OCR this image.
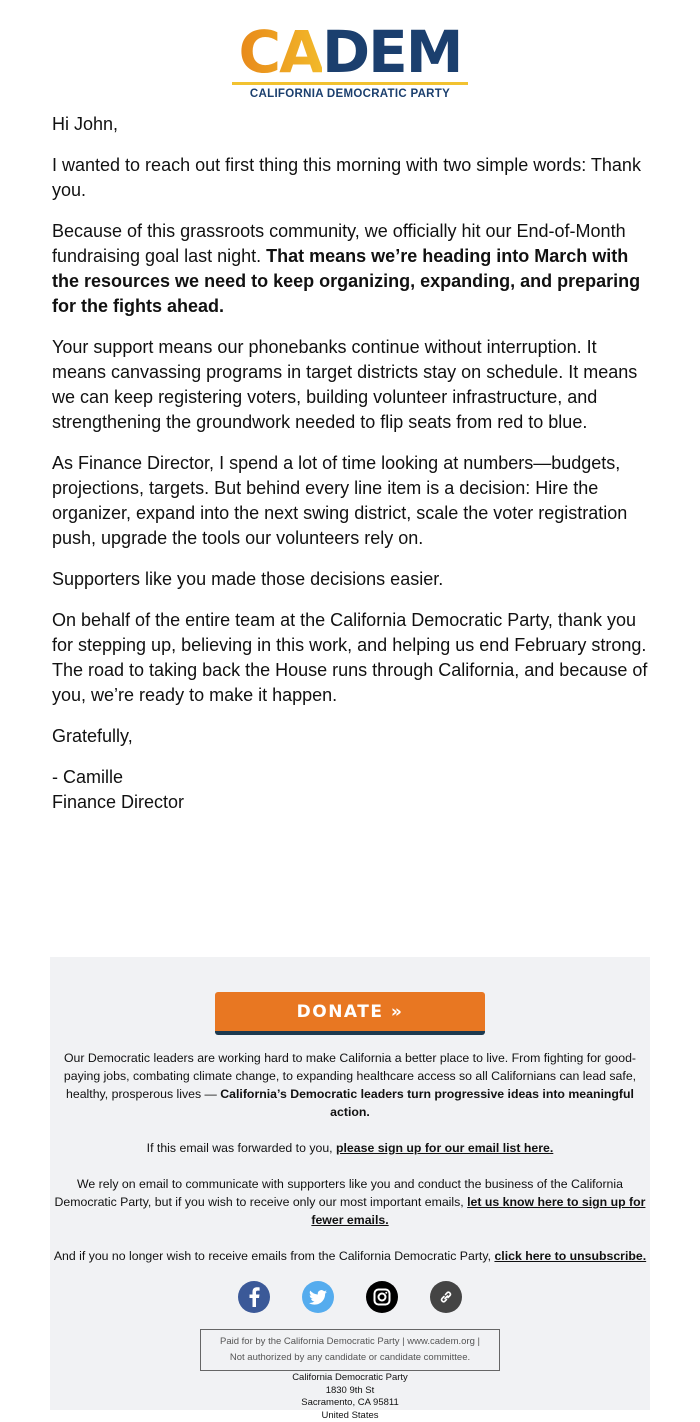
CADEM
CALIFORNIA DEMOCRATIC PARTY

Hi John,

I wanted to reach out first thing this morning with two simple words: Thank you.

Because of this grassroots community, we officially hit our End-of-Month fundraising goal last night. That means we’re heading into March with the resources we need to keep organizing, expanding, and preparing for the fights ahead.

Your support means our phonebanks continue without interruption. It means canvassing programs in target districts stay on schedule. It means we can keep registering voters, building volunteer infrastructure, and strengthening the groundwork needed to flip seats from red to blue.

As Finance Director, I spend a lot of time looking at numbers—budgets, projections, targets. But behind every line item is a decision: Hire the organizer, expand into the next swing district, scale the voter registration push, upgrade the tools our volunteers rely on.

Supporters like you made those decisions easier.

On behalf of the entire team at the California Democratic Party, thank you for stepping up, believing in this work, and helping us end February strong. The road to taking back the House runs through California, and because of you, we’re ready to make it happen.

Gratefully,

- Camille
Finance Director

DONATE »

Our Democratic leaders are working hard to make California a better place to live. From fighting for good-paying jobs, combating climate change, to expanding healthcare access so all Californians can lead safe, healthy, prosperous lives — California’s Democratic leaders turn progressive ideas into meaningful action.

If this email was forwarded to you, please sign up for our email list here.

We rely on email to communicate with supporters like you and conduct the business of the California Democratic Party, but if you wish to receive only our most important emails, let us know here to sign up for fewer emails.

And if you no longer wish to receive emails from the California Democratic Party, click here to unsubscribe.

Paid for by the California Democratic Party | www.cadem.org |
Not authorized by any candidate or candidate committee.
California Democratic Party
1830 9th St
Sacramento, CA 95811
United States
